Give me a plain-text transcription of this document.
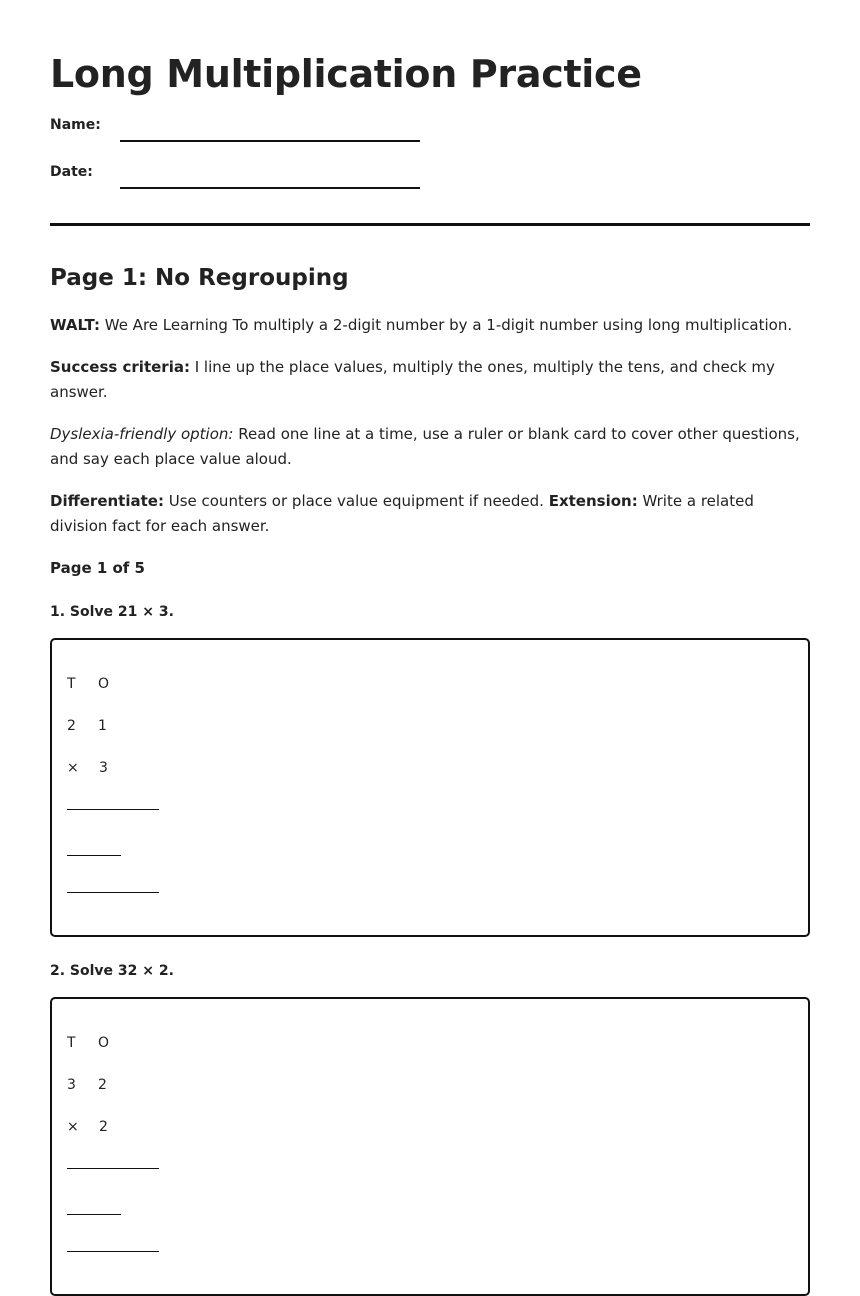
Long Multiplication Practice
Name:
Date:
Page 1: No Regrouping

WALT: We Are Learning To multiply a 2-digit number by a 1-digit number using long multiplication.

Success criteria: I line up the place values, multiply the ones, multiply the tens, and check my answer.

Dyslexia-friendly option: Read one line at a time, use a ruler or blank card to cover other questions, and say each place value aloud.

Differentiate: Use counters or place value equipment if needed. Extension: Write a related division fact for each answer.

Page 1 of 5

1. Solve 21 × 3.

T O
2 1
× 3

2. Solve 32 × 2.

T O
3 2
× 2
